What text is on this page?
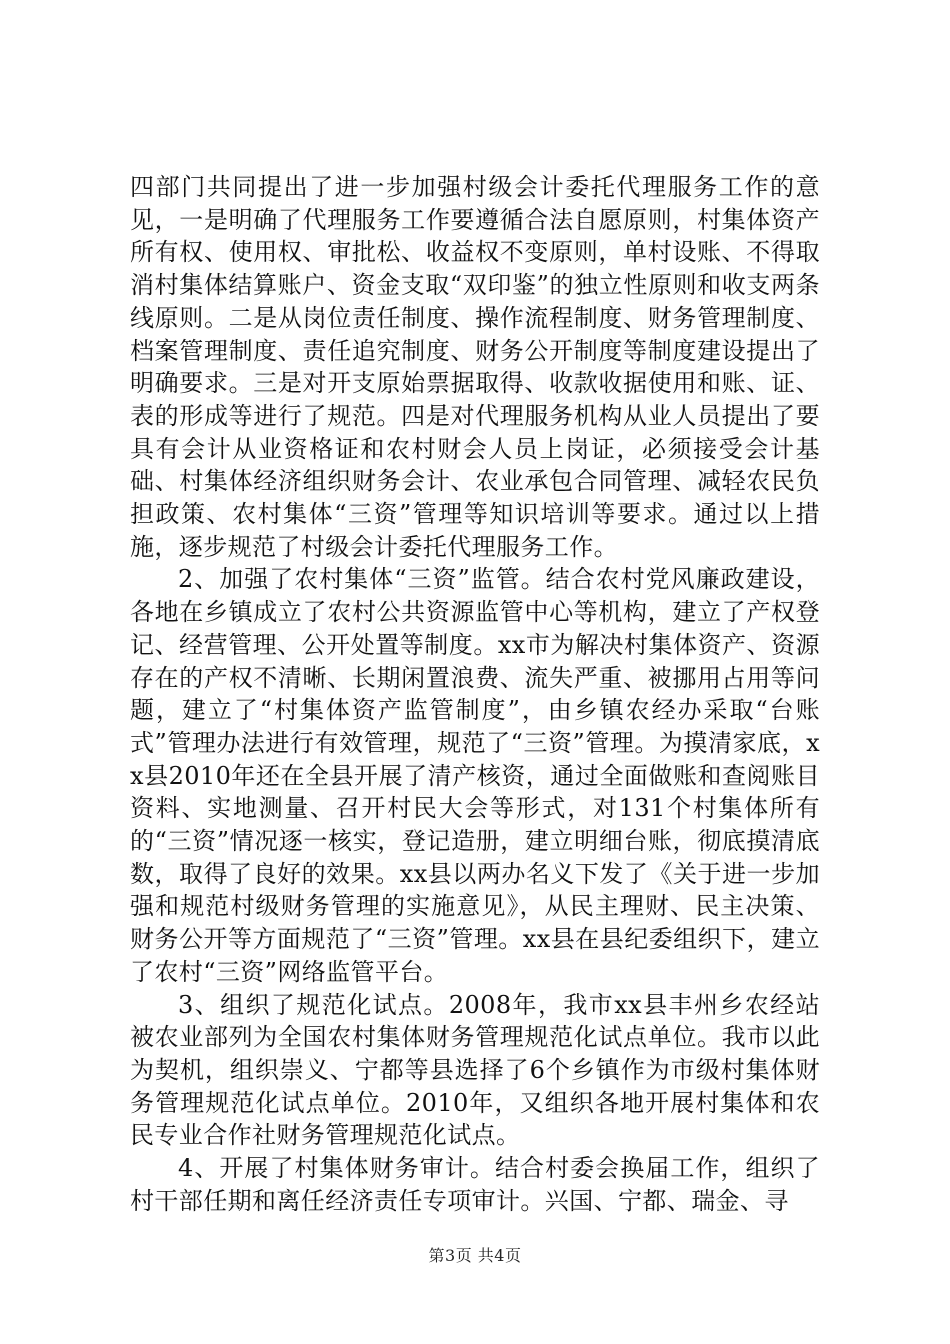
四部门共同提出了进一步加强村级会计委托代理服务工作的意见，一是明确了代理服务工作要遵循合法自愿原则，村集体资产所有权、使用权、审批松、收益权不变原则，单村设账、不得取消村集体结算账户、资金支取“双印鉴”的独立性原则和收支两条线原则。二是从岗位责任制度、操作流程制度、财务管理制度、档案管理制度、责任追究制度、财务公开制度等制度建设提出了明确要求。三是对开支原始票据取得、收款收据使用和账、证、表的形成等进行了规范。四是对代理服务机构从业人员提出了要具有会计从业资格证和农村财会人员上岗证，必须接受会计基础、村集体经济组织财务会计、农业承包合同管理、减轻农民负担政策、农村集体“三资”管理等知识培训等要求。通过以上措施，逐步规范了村级会计委托代理服务工作。

2、加强了农村集体“三资”监管。结合农村党风廉政建设，各地在乡镇成立了农村公共资源监管中心等机构，建立了产权登记、经营管理、公开处置等制度。xx市为解决村集体资产、资源存在的产权不清晰、长期闲置浪费、流失严重、被挪用占用等问题，建立了“村集体资产监管制度”，由乡镇农经办采取“台账式”管理办法进行有效管理，规范了“三资”管理。为摸清家底，xx县2010年还在全县开展了清产核资，通过全面做账和查阅账目资料、实地测量、召开村民大会等形式，对131个村集体所有的“三资”情况逐一核实，登记造册，建立明细台账，彻底摸清底数，取得了良好的效果。xx县以两办名义下发了《关于进一步加强和规范村级财务管理的实施意见》，从民主理财、民主决策、财务公开等方面规范了“三资”管理。xx县在县纪委组织下，建立了农村“三资”网络监管平台。

3、组织了规范化试点。2008年，我市xx县丰州乡农经站被农业部列为全国农村集体财务管理规范化试点单位。我市以此为契机，组织崇义、宁都等县选择了6个乡镇作为市级村集体财务管理规范化试点单位。2010年，又组织各地开展村集体和农民专业合作社财务管理规范化试点。

4、开展了村集体财务审计。结合村委会换届工作，组织了村干部任期和离任经济责任专项审计。兴国、宁都、瑞金、寻

第3页 共4页
